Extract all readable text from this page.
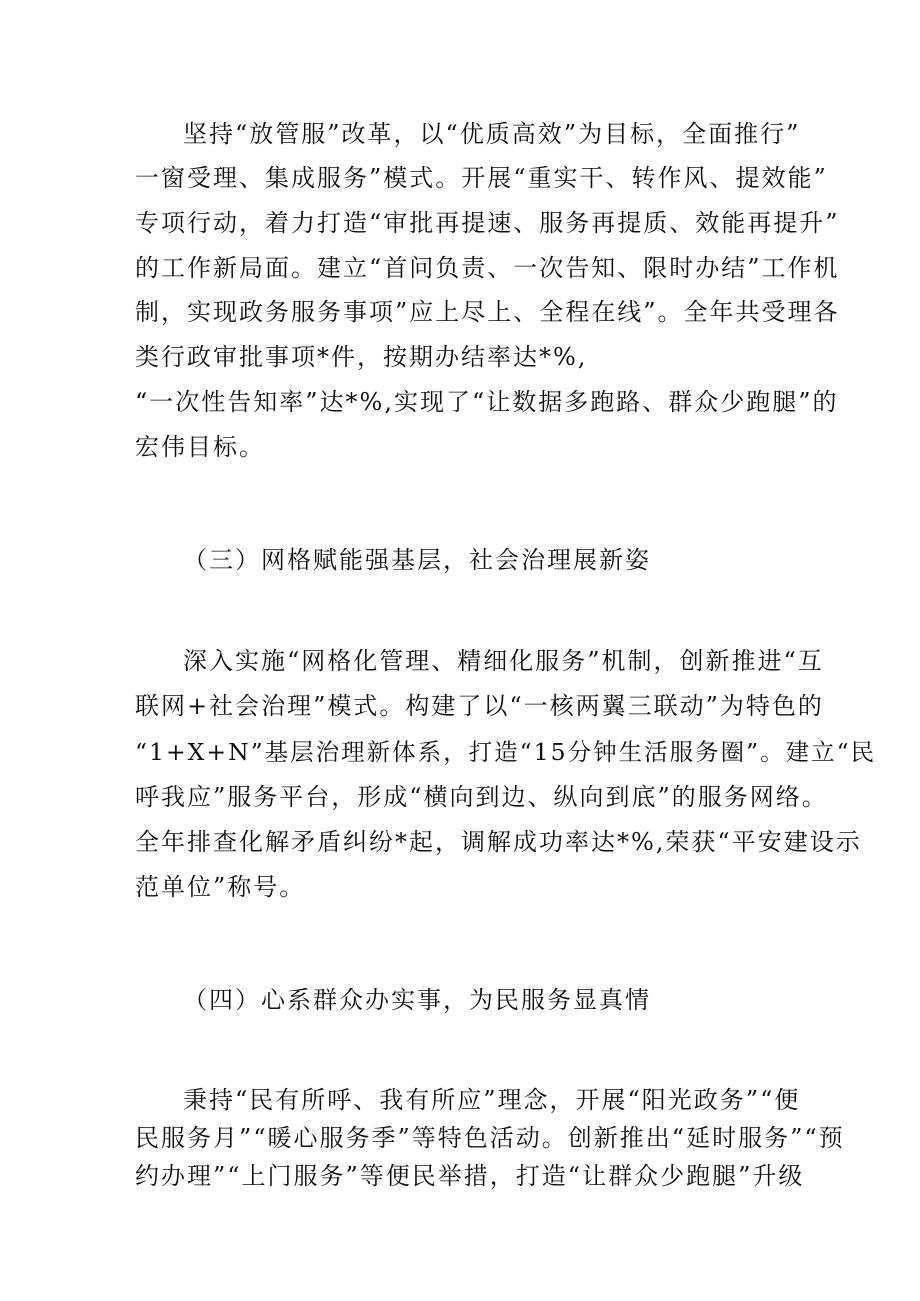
坚持“放管服”改革，以“优质高效”为目标，全面推行”

一窗受理、集成服务”模式。开展“重实干、转作风、提效能”

专项行动，着力打造“审批再提速、服务再提质、效能再提升”

的工作新局面。建立“首问负责、一次告知、限时办结”工作机

制，实现政务服务事项”应上尽上、全程在线”。全年共受理各

类行政审批事项*件，按期办结率达*%,

“一次性告知率”达*%,实现了“让数据多跑路、群众少跑腿”的

宏伟目标。

（三）网格赋能强基层，社会治理展新姿

深入实施“网格化管理、精细化服务”机制，创新推进“互

联网+社会治理”模式。构建了以“一核两翼三联动”为特色的

“1+X+N”基层治理新体系，打造“15分钟生活服务圈”。建立“民

呼我应”服务平台，形成“横向到边、纵向到底”的服务网络。

全年排查化解矛盾纠纷*起，调解成功率达*%,荣获“平安建设示

范单位”称号。

（四）心系群众办实事，为民服务显真情

秉持“民有所呼、我有所应”理念，开展“阳光政务”“便

民服务月”“暖心服务季”等特色活动。创新推出“延时服务”“预

约办理”“上门服务”等便民举措，打造“让群众少跑腿”升级
